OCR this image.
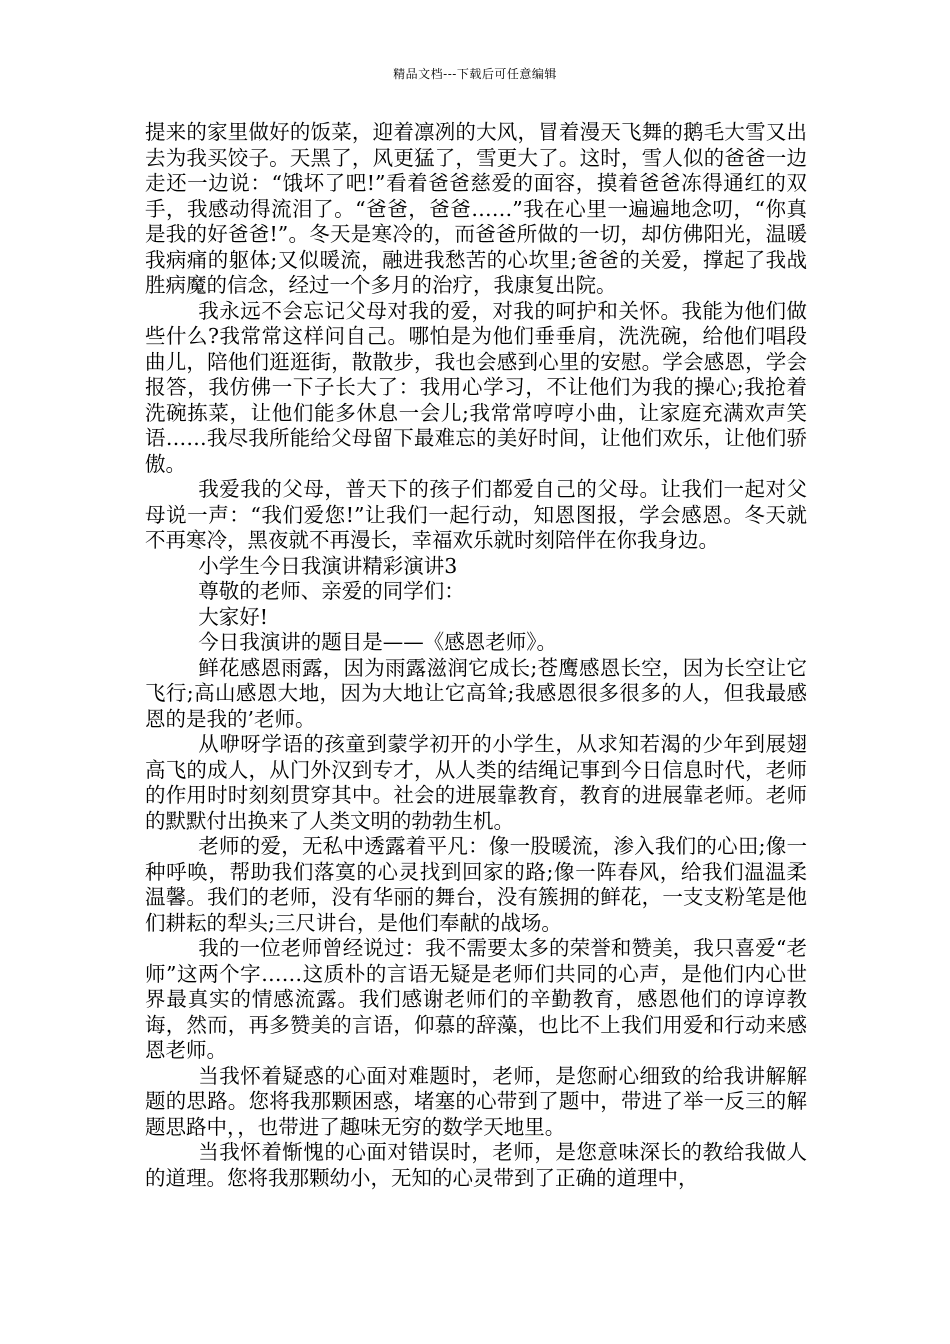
精品文档---下载后可任意编辑

提来的家里做好的饭菜，迎着凛冽的大风，冒着漫天飞舞的鹅毛大雪又出去为我买饺子。天黑了，风更猛了，雪更大了。这时，雪人似的爸爸一边走还一边说：“饿坏了吧!”看着爸爸慈爱的面容，摸着爸爸冻得通红的双手，我感动得流泪了。“爸爸，爸爸……”我在心里一遍遍地念叨，“你真是我的好爸爸!”。冬天是寒冷的，而爸爸所做的一切，却仿佛阳光，温暖我病痛的躯体;又似暖流，融进我愁苦的心坎里;爸爸的关爱，撑起了我战胜病魔的信念，经过一个多月的治疗，我康复出院。

我永远不会忘记父母对我的爱，对我的呵护和关怀。我能为他们做些什么?我常常这样问自己。哪怕是为他们垂垂肩，洗洗碗，给他们唱段曲儿，陪他们逛逛街，散散步，我也会感到心里的安慰。学会感恩，学会报答，我仿佛一下子长大了：我用心学习，不让他们为我的操心;我抢着洗碗拣菜，让他们能多休息一会儿;我常常哼哼小曲，让家庭充满欢声笑语……我尽我所能给父母留下最难忘的美好时间，让他们欢乐，让他们骄傲。

我爱我的父母，普天下的孩子们都爱自己的父母。让我们一起对父母说一声：“我们爱您!”让我们一起行动，知恩图报，学会感恩。冬天就不再寒冷，黑夜就不再漫长，幸福欢乐就时刻陪伴在你我身边。

小学生今日我演讲精彩演讲3

尊敬的老师、亲爱的同学们：

大家好!

今日我演讲的题目是——《感恩老师》。

鲜花感恩雨露，因为雨露滋润它成长;苍鹰感恩长空，因为长空让它飞行;高山感恩大地，因为大地让它高耸;我感恩很多很多的人，但我最感恩的是我的’老师。

从咿呀学语的孩童到蒙学初开的小学生，从求知若渴的少年到展翅高飞的成人，从门外汉到专才，从人类的结绳记事到今日信息时代，老师的作用时时刻刻贯穿其中。社会的进展靠教育，教育的进展靠老师。老师的默默付出换来了人类文明的勃勃生机。

老师的爱，无私中透露着平凡：像一股暖流，渗入我们的心田;像一种呼唤，帮助我们落寞的心灵找到回家的路;像一阵春风，给我们温温柔温馨。我们的老师，没有华丽的舞台，没有簇拥的鲜花，一支支粉笔是他们耕耘的犁头;三尺讲台，是他们奉献的战场。

我的一位老师曾经说过：我不需要太多的荣誉和赞美，我只喜爱“老师”这两个字……这质朴的言语无疑是老师们共同的心声，是他们内心世界最真实的情感流露。我们感谢老师们的辛勤教育，感恩他们的谆谆教诲，然而，再多赞美的言语，仰慕的辞藻，也比不上我们用爱和行动来感恩老师。

当我怀着疑惑的心面对难题时，老师，是您耐心细致的给我讲解解题的思路。您将我那颗困惑，堵塞的心带到了题中，带进了举一反三的解题思路中，，也带进了趣味无穷的数学天地里。

当我怀着惭愧的心面对错误时，老师，是您意味深长的教给我做人的道理。您将我那颗幼小，无知的心灵带到了正确的道理中，
